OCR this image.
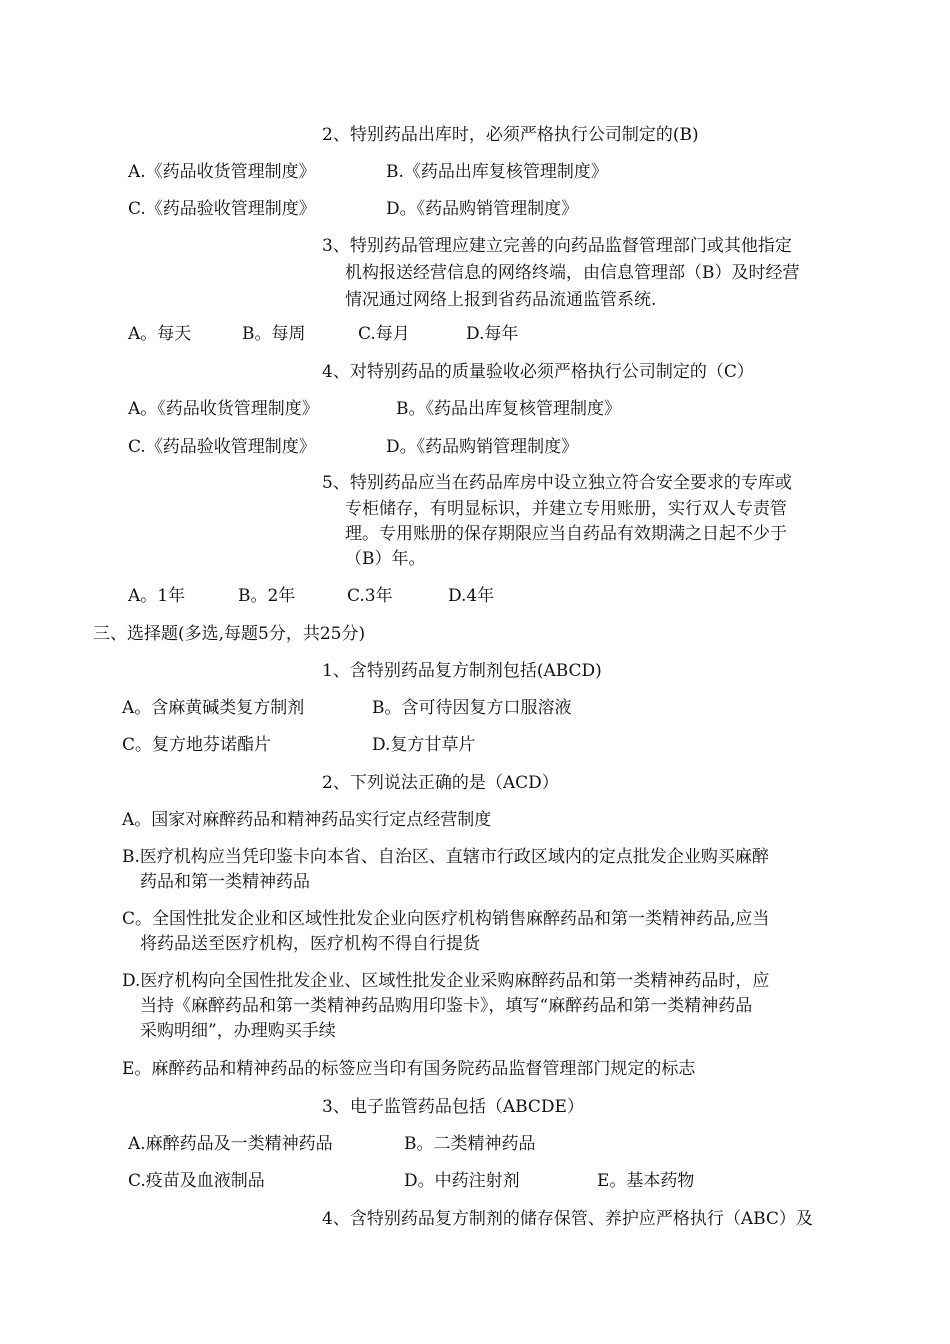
2、特别药品出库时，必须严格执行公司制定的(B)
A.《药品收货管理制度》	B.《药品出库复核管理制度》
C.《药品验收管理制度》	D。《药品购销管理制度》
3、特别药品管理应建立完善的向药品监督管理部门或其他指定
机构报送经营信息的网络终端，由信息管理部（B）及时经营
情况通过网络上报到省药品流通监管系统.
A。每天	B。每周	C.每月	D.每年
4、对特别药品的质量验收必须严格执行公司制定的（C）
A。《药品收货管理制度》	B。《药品出库复核管理制度》
C.《药品验收管理制度》	D。《药品购销管理制度》
5、特别药品应当在药品库房中设立独立符合安全要求的专库或
专柜储存，有明显标识，并建立专用账册，实行双人专责管
理。专用账册的保存期限应当自药品有效期满之日起不少于
（B）年。
A。1年	B。2年	C.3年	D.4年
三、选择题(多选,每题5分，共25分)
1、含特别药品复方制剂包括(ABCD)
A。含麻黄碱类复方制剂	B。含可待因复方口服溶液
C。复方地芬诺酯片	D.复方甘草片
2、下列说法正确的是（ACD）
A。国家对麻醉药品和精神药品实行定点经营制度
B.医疗机构应当凭印鉴卡向本省、自治区、直辖市行政区域内的定点批发企业购买麻醉
药品和第一类精神药品
C。全国性批发企业和区域性批发企业向医疗机构销售麻醉药品和第一类精神药品,应当
将药品送至医疗机构，医疗机构不得自行提货
D.医疗机构向全国性批发企业、区域性批发企业采购麻醉药品和第一类精神药品时，应
当持《麻醉药品和第一类精神药品购用印鉴卡》，填写“麻醉药品和第一类精神药品
采购明细”，办理购买手续
E。麻醉药品和精神药品的标签应当印有国务院药品监督管理部门规定的标志
3、电子监管药品包括（ABCDE）
A.麻醉药品及一类精神药品	B。二类精神药品
C.疫苗及血液制品	D。中药注射剂	E。基本药物
4、含特别药品复方制剂的储存保管、养护应严格执行（ABC）及
